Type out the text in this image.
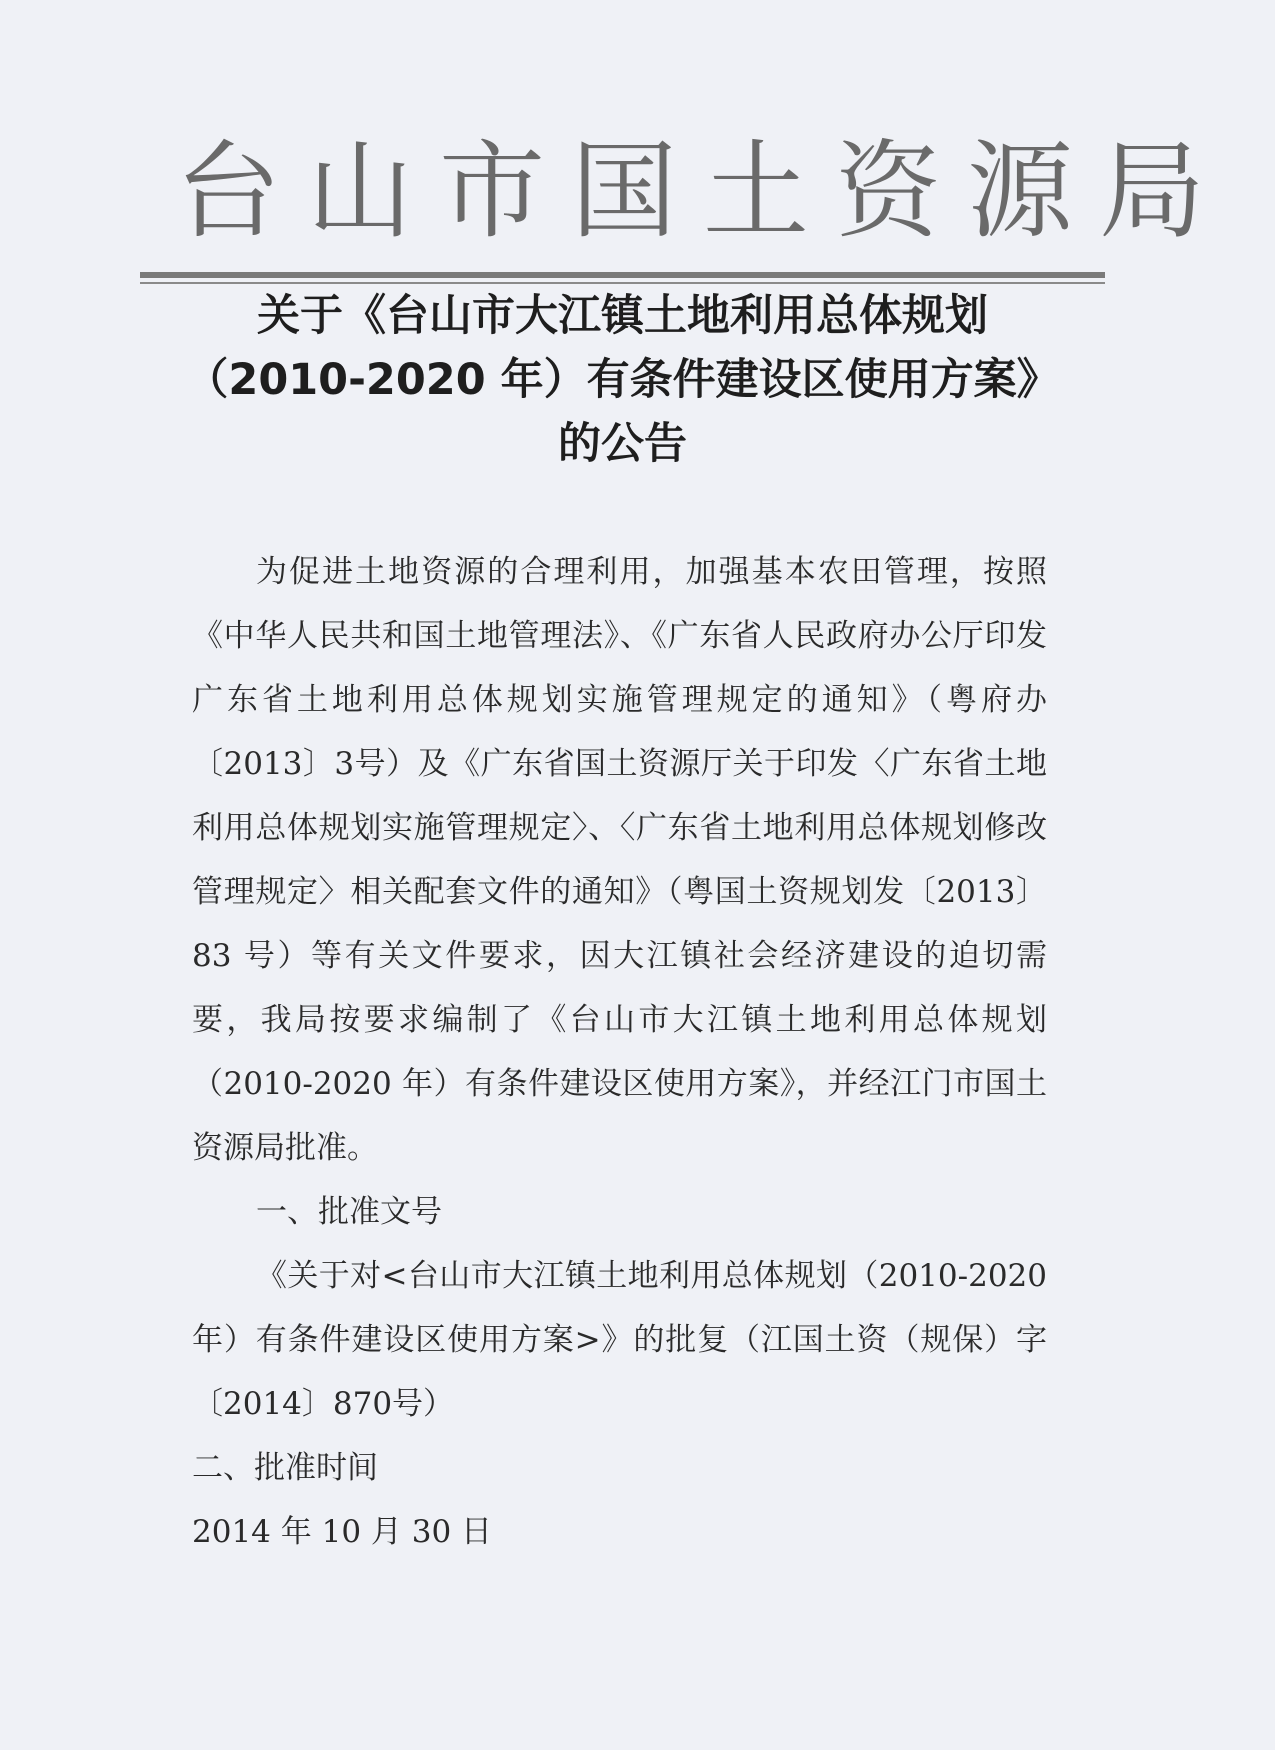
台山市国土资源局
关于《台山市大江镇土地利用总体规划
（2010-2020 年）有条件建设区使用方案》
的公告

为促进土地资源的合理利用，加强基本农田管理，按照《中华人民共和国土地管理法》、《广东省人民政府办公厅印发广东省土地利用总体规划实施管理规定的通知》（粤府办〔2013〕3号）及《广东省国土资源厅关于印发〈广东省土地利用总体规划实施管理规定〉、〈广东省土地利用总体规划修改管理规定〉相关配套文件的通知》（粤国土资规划发〔2013〕83 号）等有关文件要求，因大江镇社会经济建设的迫切需要，我局按要求编制了《台山市大江镇土地利用总体规划（2010-2020 年）有条件建设区使用方案》，并经江门市国土资源局批准。

一、批准文号

《关于对<台山市大江镇土地利用总体规划（2010-2020年）有条件建设区使用方案>》的批复（江国土资（规保）字〔2014〕870号）

二、批准时间

2014 年 10 月 30 日
